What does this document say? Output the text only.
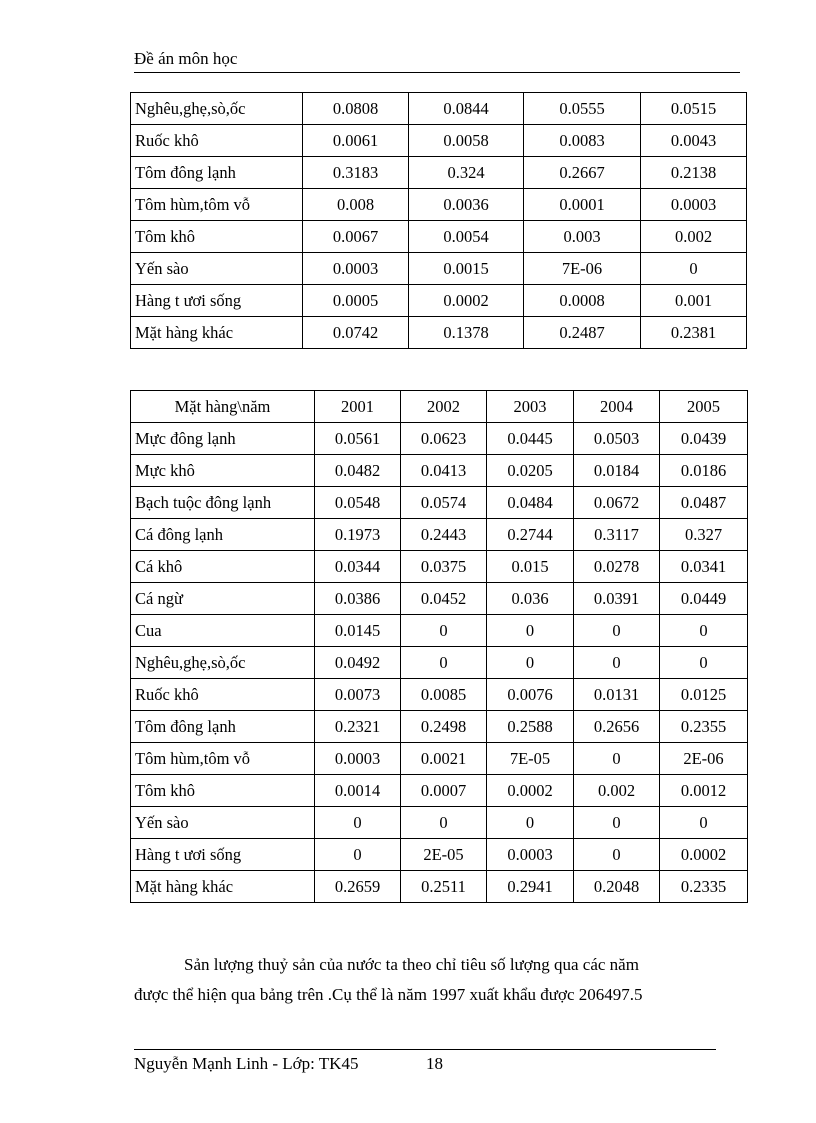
Đề án môn học
Nghêu,ghẹ,sò,ốc	0.0808	0.0844	0.0555	0.0515
Ruốc khô	0.0061	0.0058	0.0083	0.0043
Tôm đông lạnh	0.3183	0.324	0.2667	0.2138
Tôm hùm,tôm vỗ	0.008	0.0036	0.0001	0.0003
Tôm khô	0.0067	0.0054	0.003	0.002
Yến sào	0.0003	0.0015	7E-06	0
Hàng t ươi sống	0.0005	0.0002	0.0008	0.001
Mặt hàng khác	0.0742	0.1378	0.2487	0.2381
Mặt hàng\năm	2001	2002	2003	2004	2005
Mực đông lạnh	0.0561	0.0623	0.0445	0.0503	0.0439
Mực khô	0.0482	0.0413	0.0205	0.0184	0.0186
Bạch tuộc đông lạnh	0.0548	0.0574	0.0484	0.0672	0.0487
Cá đông lạnh	0.1973	0.2443	0.2744	0.3117	0.327
Cá khô	0.0344	0.0375	0.015	0.0278	0.0341
Cá ngừ	0.0386	0.0452	0.036	0.0391	0.0449
Cua	0.0145	0	0	0	0
Nghêu,ghẹ,sò,ốc	0.0492	0	0	0	0
Ruốc khô	0.0073	0.0085	0.0076	0.0131	0.0125
Tôm đông lạnh	0.2321	0.2498	0.2588	0.2656	0.2355
Tôm hùm,tôm vỗ	0.0003	0.0021	7E-05	0	2E-06
Tôm khô	0.0014	0.0007	0.0002	0.002	0.0012
Yến sào	0	0	0	0	0
Hàng t ươi sống	0	2E-05	0.0003	0	0.0002
Mặt hàng khác	0.2659	0.2511	0.2941	0.2048	0.2335

Sản lượng thuỷ sản của nước ta theo chỉ tiêu số lượng qua các năm

được thể hiện qua bảng trên .Cụ thể là năm 1997 xuất khẩu được 206497.5

Nguyễn Mạnh Linh - Lớp: TK45	18
